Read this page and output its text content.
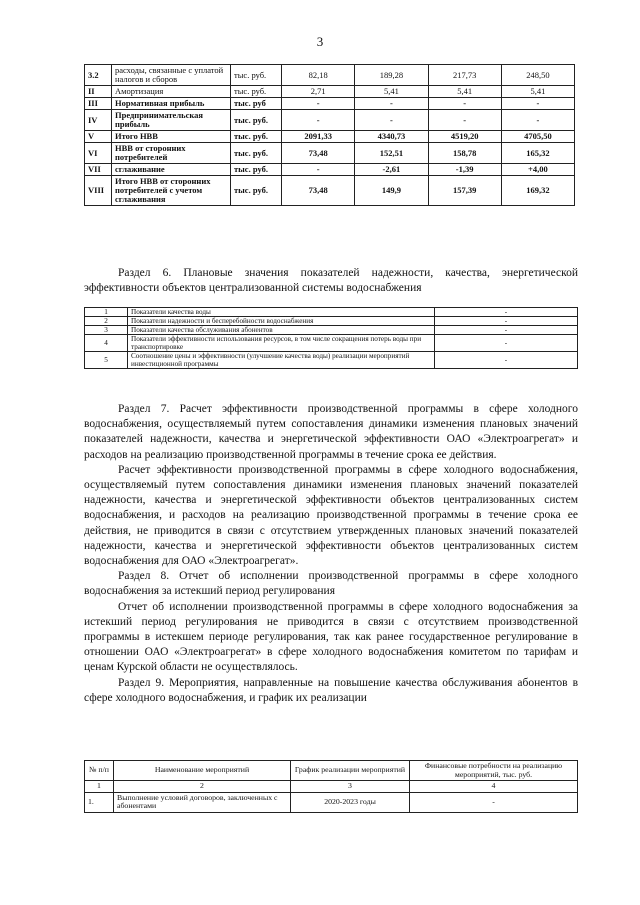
3
3.2	расходы, связанные с уплатой налогов и сборов	тыс. руб.	82,18	189,28	217,73	248,50
II	Амортизация	тыс. руб.	2,71	5,41	5,41	5,41
III	Нормативная прибыль	тыс. руб	-	-	-	-
IV	Предпринимательская прибыль	тыс. руб.	-	-	-	-
V	Итого НВВ	тыс. руб.	2091,33	4340,73	4519,20	4705,50
VI	НВВ от сторонних потребителей	тыс. руб.	73,48	152,51	158,78	165,32
VII	сглаживание	тыс. руб.	-	-2,61	-1,39	+4,00
VIII	Итого НВВ от сторонних потребителей с учетом сглаживания	тыс. руб.	73,48	149,9	157,39	169,32
Раздел 6. Плановые значения показателей надежности, качества, энергетической эффективности объектов централизованной системы водоснабжения
1	Показатели качества воды	-
2	Показатели надежности и бесперебойности водоснабжения	-
3	Показатели качества обслуживания абонентов	-
4	Показатели эффективности использования ресурсов, в том числе сокращения потерь воды при транспортировке	-
5	Соотношение цены и эффективности (улучшение качества воды) реализации мероприятий инвестиционной программы	-

Раздел 7. Расчет эффективности производственной программы в сфере холодного водоснабжения, осуществляемый путем сопоставления динамики изменения плановых значений показателей надежности, качества и энергетической эффективности ОАО «Электроагрегат» и расходов на реализацию производственной программы в течение срока ее действия.

Расчет эффективности производственной программы в сфере холодного водоснабжения, осуществляемый путем сопоставления динамики изменения плановых значений показателей надежности, качества и энергетической эффективности объектов централизованных систем водоснабжения, и расходов на реализацию производственной программы в течение срока ее действия, не приводится в связи с отсутствием утвержденных плановых значений показателей надежности, качества и энергетической эффективности объектов централизованных систем водоснабжения для ОАО «Электроагрегат».

Раздел 8. Отчет об исполнении производственной программы в сфере холодного водоснабжения за истекший период регулирования

Отчет об исполнении производственной программы в сфере холодного водоснабжения за истекший период регулирования не приводится в связи с отсутствием производственной программы в истекшем периоде регулирования, так как ранее государственное регулирование в отношении ОАО «Электроагрегат» в сфере холодного водоснабжения комитетом по тарифам и ценам Курской области не осуществлялось.

Раздел 9. Мероприятия, направленные на повышение качества обслуживания абонентов в сфере холодного водоснабжения, и график их реализации

№ п/п	Наименование мероприятий	График реализации мероприятий	Финансовые потребности на реализацию мероприятий, тыс. руб.
1	2	3	4
1.	Выполнение условий договоров, заключенных с абонентами	2020-2023 годы	-
